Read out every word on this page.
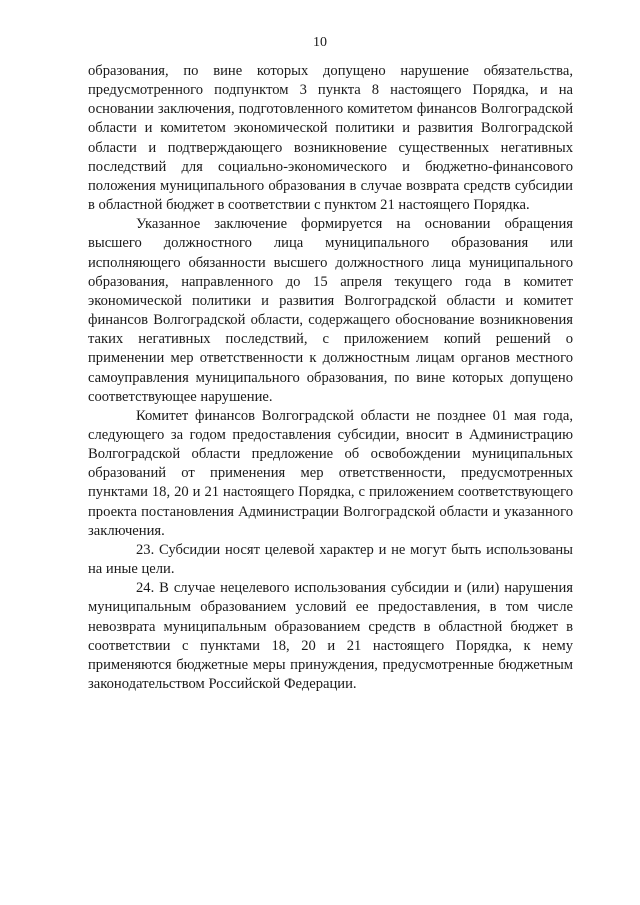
10

образования, по вине которых допущено нарушение обязательства, предусмотренного подпунктом 3 пункта 8 настоящего Порядка, и на основании заключения, подготовленного комитетом финансов Волгоградской области и комитетом экономической политики и развития Волгоградской области и подтверждающего возникновение существенных негативных последствий для социально-экономического и бюджетно-финансового положения муниципального образования в случае возврата средств субсидии в областной бюджет в соответствии с пунктом 21 настоящего Порядка.

Указанное заключение формируется на основании обращения высшего должностного лица муниципального образования или исполняющего обязанности высшего должностного лица муниципального образования, направленного до 15 апреля текущего года в комитет экономической политики и развития Волгоградской области и комитет финансов Волгоградской области, содержащего обоснование возникновения таких негативных последствий, с приложением копий решений о применении мер ответственности к должностным лицам органов местного самоуправления муниципального образования, по вине которых допущено соответствующее нарушение.

Комитет финансов Волгоградской области не позднее 01 мая года, следующего за годом предоставления субсидии, вносит в Администрацию Волгоградской области предложение об освобождении муниципальных образований от применения мер ответственности, предусмотренных пунктами 18, 20 и 21 настоящего Порядка, с приложением соответствующего проекта постановления Администрации Волгоградской области и указанного заключения.

23. Субсидии носят целевой характер и не могут быть использованы на иные цели.

24. В случае нецелевого использования субсидии и (или) нарушения муниципальным образованием условий ее предоставления, в том числе невозврата муниципальным образованием средств в областной бюджет в соответствии с пунктами 18, 20 и 21 настоящего Порядка, к нему применяются бюджетные меры принуждения, предусмотренные бюджетным законодательством Российской Федерации.
